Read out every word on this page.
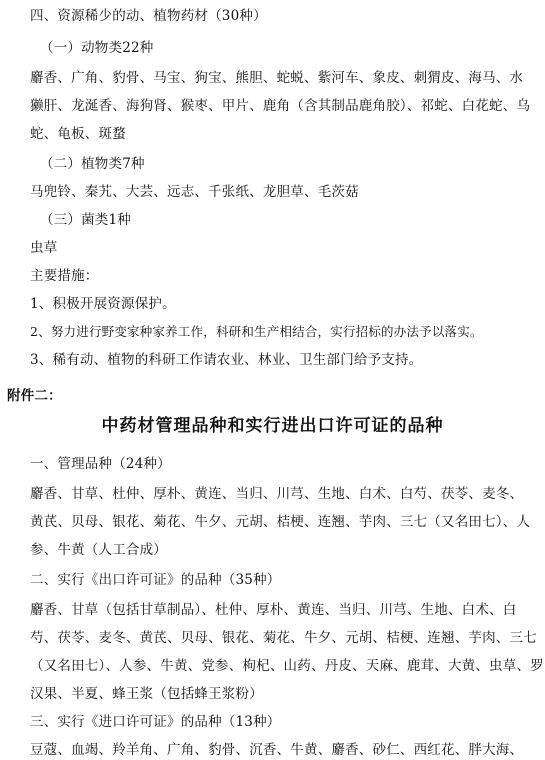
四、资源稀少的动、植物药材（30种）
（一）动物类22种
麝香、广角、豹骨、马宝、狗宝、熊胆、蛇蜕、紫河车、象皮、刺猬皮、海马、水
獭肝、龙涎香、海狗肾、猴枣、甲片、鹿角（含其制品鹿角胶）、祁蛇、白花蛇、乌
蛇、龟板、斑蝥
（二）植物类7种
马兜铃、秦艽、大芸、远志、千张纸、龙胆草、毛茨菇
（三）菌类1种
虫草
主要措施：
1、积极开展资源保护。
2、努力进行野变家种家养工作，科研和生产相结合，实行招标的办法予以落实。
3、稀有动、植物的科研工作请农业、林业、卫生部门给予支持。
附件二：
中药材管理品种和实行进出口许可证的品种
一、管理品种（24种）
麝香、甘草、杜仲、厚朴、黄连、当归、川芎、生地、白术、白芍、茯苓、麦冬、
黄芪、贝母、银花、菊花、牛夕、元胡、桔梗、连翘、芋肉、三七（又名田七）、人
参、牛黄（人工合成）
二、实行《出口许可证》的品种（35种）
麝香、甘草（包括甘草制品）、杜仲、厚朴、黄连、当归、川芎、生地、白术、白
芍、茯苓、麦冬、黄芪、贝母、银花、菊花、牛夕、元胡、桔梗、连翘、芋肉、三七
（又名田七）、人参、牛黄、党参、枸杞、山药、丹皮、天麻、鹿茸、大黄、虫草、罗
汉果、半夏、蜂王浆（包括蜂王浆粉）
三、实行《进口许可证》的品种（13种）
豆蔻、血竭、羚羊角、广角、豹骨、沉香、牛黄、麝香、砂仁、西红花、胖大海、
